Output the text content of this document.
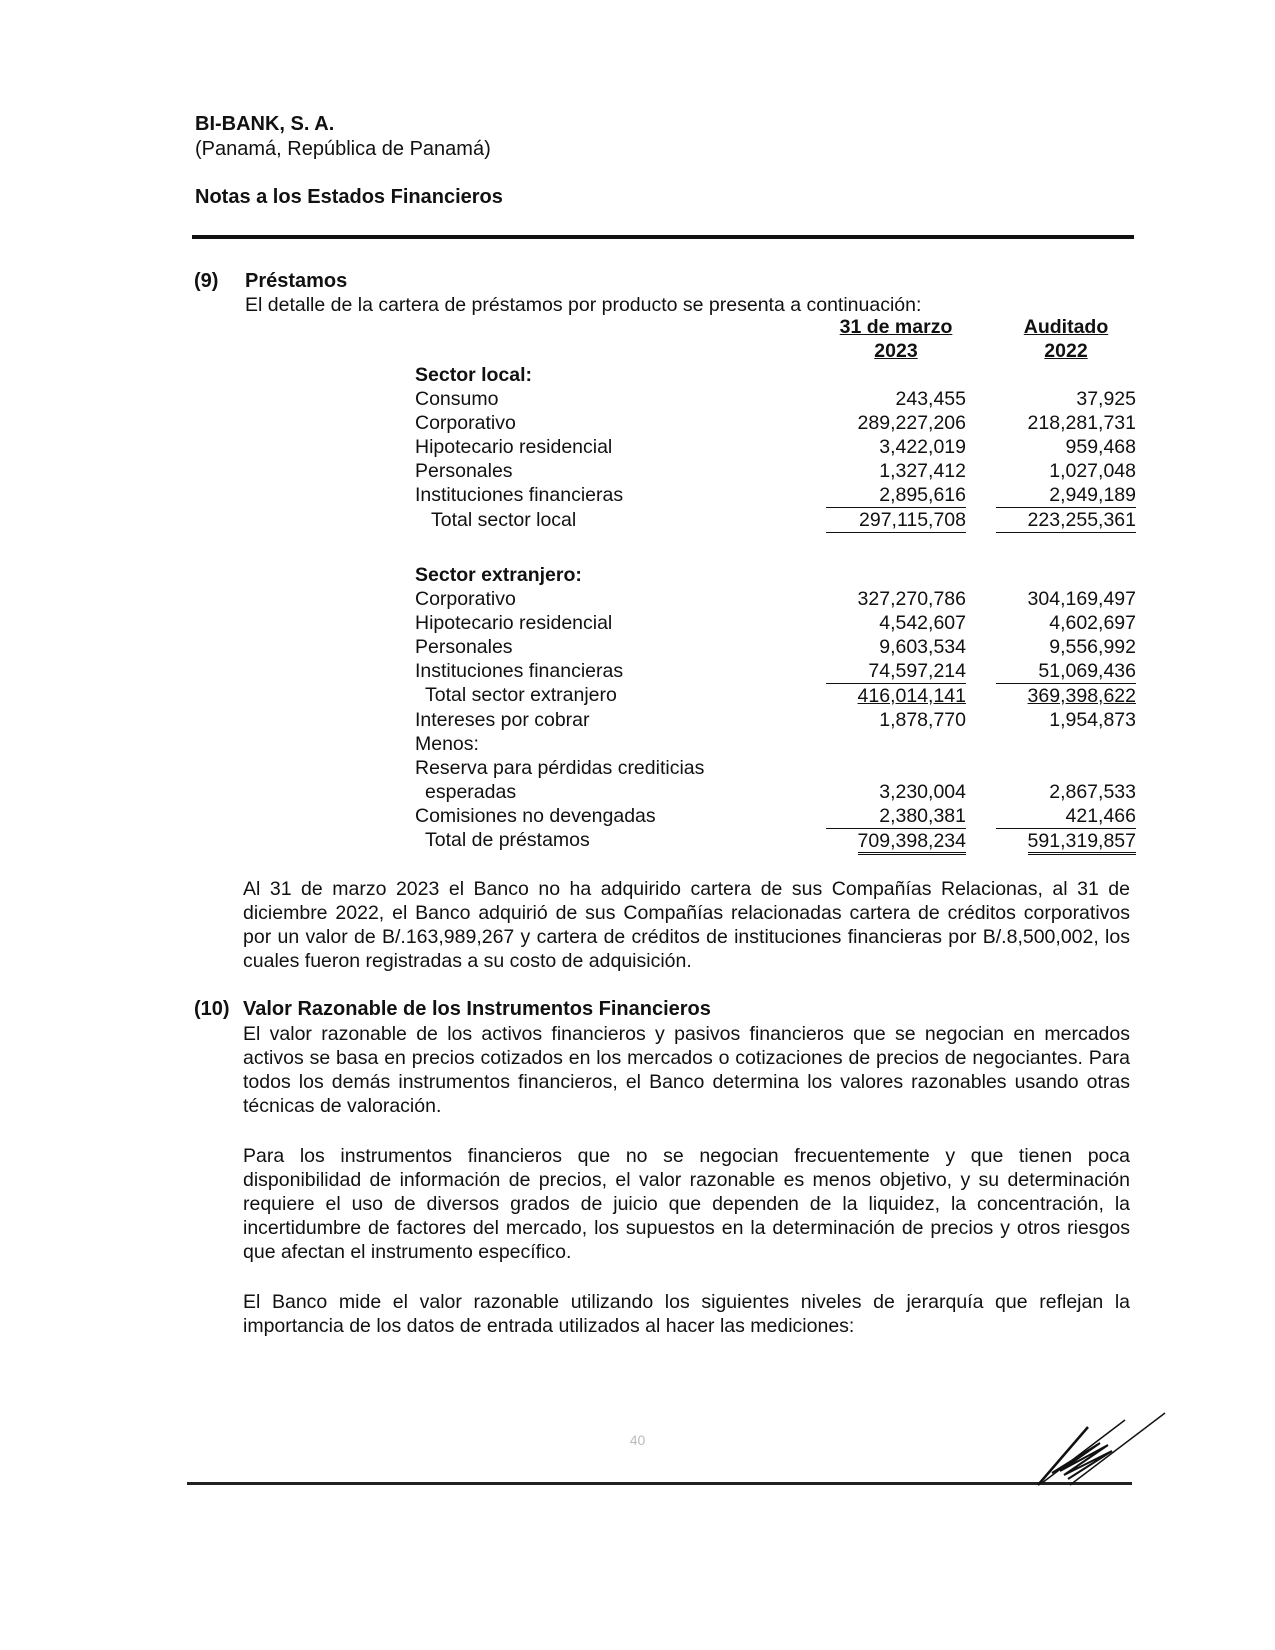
BI-BANK, S. A.
(Panamá, República de Panamá)
Notas a los Estados Financieros
(9) Préstamos
El detalle de la cartera de préstamos por producto se presenta a continuación:
	31 de marzo		Auditado
	2023		2022
Sector local:			
Consumo	243,455		37,925
Corporativo	289,227,206		218,281,731
Hipotecario residencial	3,422,019		959,468
Personales	1,327,412		1,027,048
Instituciones financieras	2,895,616		2,949,189
Total sector local	297,115,708		223,255,361

Sector extranjero:			
Corporativo	327,270,786		304,169,497
Hipotecario residencial	4,542,607		4,602,697
Personales	9,603,534		9,556,992
Instituciones financieras	74,597,214		51,069,436
Total sector extranjero	416,014,141		369,398,622
Intereses por cobrar	1,878,770		1,954,873
Menos:			
Reserva para pérdidas crediticias			
esperadas	3,230,004		2,867,533
Comisiones no devengadas	2,380,381		421,466
Total de préstamos	709,398,234		591,319,857
Al 31 de marzo 2023 el Banco no ha adquirido cartera de sus Compañías Relacionas, al 31 de diciembre 2022, el Banco adquirió de sus Compañías relacionadas cartera de créditos corporativos por un valor de B/.163,989,267 y cartera de créditos de instituciones financieras por B/.8,500,002, los cuales fueron registradas a su costo de adquisición.
(10) Valor Razonable de los Instrumentos Financieros
El valor razonable de los activos financieros y pasivos financieros que se negocian en mercados activos se basa en precios cotizados en los mercados o cotizaciones de precios de negociantes. Para todos los demás instrumentos financieros, el Banco determina los valores razonables usando otras técnicas de valoración.
Para los instrumentos financieros que no se negocian frecuentemente y que tienen poca disponibilidad de información de precios, el valor razonable es menos objetivo, y su determinación requiere el uso de diversos grados de juicio que dependen de la liquidez, la concentración, la incertidumbre de factores del mercado, los supuestos en la determinación de precios y otros riesgos que afectan el instrumento específico.
El Banco mide el valor razonable utilizando los siguientes niveles de jerarquía que reflejan la importancia de los datos de entrada utilizados al hacer las mediciones:
40
